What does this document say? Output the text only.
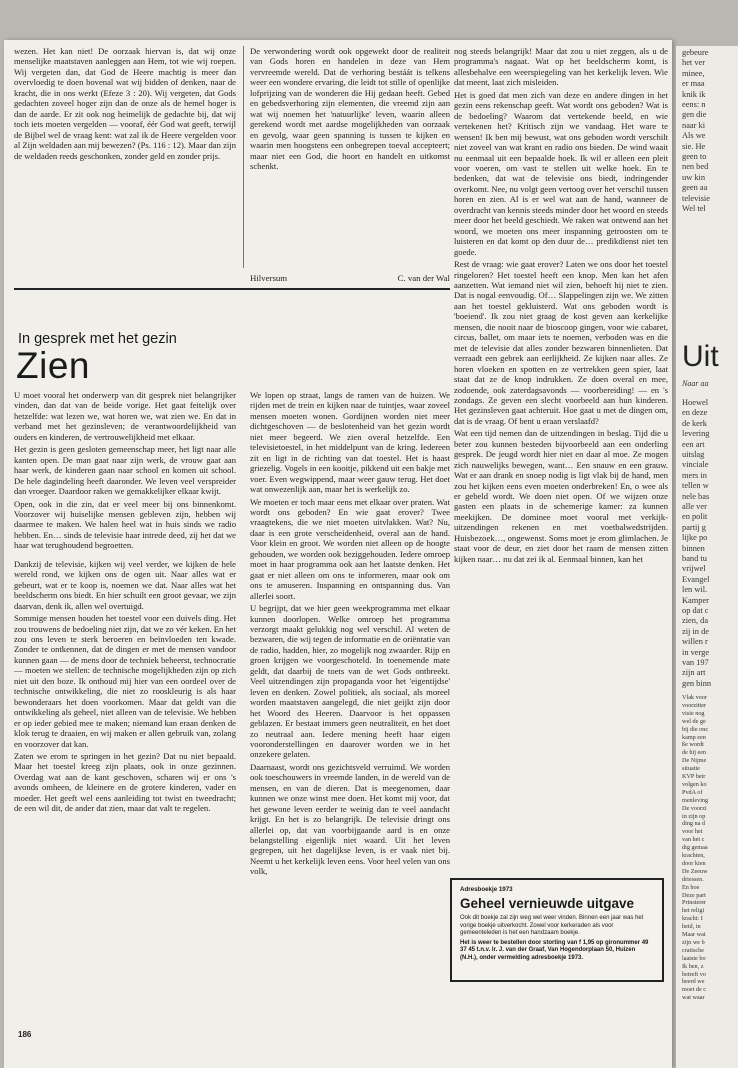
wezen. Het kan niet! De oorzaak hiervan is, dat wij onze menselijke maatstaven aanleggen aan Hem, tot wie wij roepen. Wij vergeten dan, dat God de Heere machtig is meer dan overvloedig te doen bovenal wat wij bidden of denken, naar de kracht, die in ons werkt (Efeze 3 : 20). Wij vergeten, dat Gods gedachten zoveel hoger zijn dan de onze als de hemel hoger is dan de aarde. Er zit ook nog heimelijk de gedachte bij, dat wij toch iets moeten vergelden — vooraf, éér God wat geeft, terwijl de Bijbel wel de vraag kent: wat zal ik de Heere vergelden voor al Zijn weldaden aan mij bewezen? (Ps. 116 : 12). Maar dan zijn de weldaden reeds geschonken, zonder geld en zonder prijs.

De verwondering wordt ook opgewekt door de realiteit van Gods horen en handelen in deze van Hem vervreemde wereld. Dat de verhoring bestáát is telkens weer een wondere ervaring, die leidt tot stille of openlijke lofprijzing van de wonderen die Hij gedaan heeft. Gebed en gebedsverhoring zijn elementen, die vreemd zijn aan wat wij noemen het 'natuurlijke' leven, waarin alleen gerekend wordt met aardse mogelijkheden van oorzaak en gevolg, waar geen spanning is tussen te kijken en waarin men hoogstens een onbegrepen toeval accepteert; maar niet een God, die hoort en handelt en uitkomst schenkt.

Hilversum	C. van der Wal

nog steeds belangrijk! Maar dat zou u niet zeggen, als u de programma's nagaat. Wat op het beeldscherm komt, is allesbehalve een weerspiegeling van het kerkelijk leven. Wie dat meent, laat zich misleiden.

Het is goed dat men zich van deze en andere dingen in het gezin eens rekenschap geeft. Wat wordt ons geboden? Wat is de bedoeling? Waarom dat vertekende beeld, en wie vertekenen het? Kritisch zijn we vandaag. Het ware te wensen! Ik ben mij bewust, wat ons geboden wordt verschilt niet zoveel van wat krant en radio ons bieden. De wind waait nu eenmaal uit een bepaalde hoek. Ik wil er alleen een pleit voor voeren, om vast te stellen uit welke hoek. En te bedenken, dat wat de televisie ons biedt, indringender overkomt. Nee, nu volgt geen vertoog over het verschil tussen horen en zien. Al is er wel wat aan de hand, wanneer de overdracht van kennis steeds minder door het woord en steeds meer door het beeld geschiedt. We raken wat ontwend aan het woord, we moeten ons meer inspanning getroosten om te luisteren en dat komt op den duur de… predikdienst niet ten goede.

Rest de vraag: wie gaat erover? Laten we ons door het toestel ringeloren? Het toestel heeft een knop. Men kan het afen aanzetten. Wat iemand niet wil zien, behoeft hij niet te zien. Dat is nogal eenvoudig. Of… Slappelingen zijn we. We zitten aan het toestel gekluisterd. Wat ons geboden wordt is 'boeiend'. Ik zou niet graag de kost geven aan kerkelijke mensen, die nooit naar de bioscoop gingen, voor wie cabaret, circus, ballet, om maar iets te noemen, verboden was en die met de televisie dat alles zonder bezwaren binnenlieten. Dat verraadt een gebrek aan eerlijkheid. Ze kijken naar alles. Ze horen vloeken en spotten en ze vertrekken geen spier, laat staat dat ze de knop indrukken. Ze doen overal en mee, zodoende, ook zaterdagsavonds — voorbereiding! — en 's zondags. Ze geven een slecht voorbeeld aan hun kinderen. Het gezinsleven gaat achteruit. Hoe gaat u met de dingen om, dat is de vraag. Of bent u eraan verslaafd?

Wat een tijd nemen dan de uitzendingen in beslag. Tijd die u beter zou kunnen besteden bijvoorbeeld aan een onderling gesprek. De jeugd wordt hier niet en daar al moe. Ze mogen zich nauwelijks bewegen, want… Een snauw en een grauw. Wat er aan drank en snoep nodig is ligt vlak bij de hand, men zou het kijken eens even moeten onderbreken! En, o wee als er gebeld wordt. We doen niet open. Of we wijzen onze gasten een plaats in de schemerige kamer: za kunnen meekijken. De dominee moet vooral met verkijk-uitzendingen rekenen en met voetbalwedstrijden. Huisbezoek…, ongewenst. Soms moet je erom glimlachen. Je staat voor de deur, en ziet door het raam de mensen zitten kijken naar… nu dat zei ik al. Eenmaal binnen, kan het

In gesprek met het gezin
Zien

U moet vooral het onderwerp van dit gesprek niet belangrijker vinden, dan dat van de beide vorige. Het gaat feitelijk over hetzelfde: wat lezen we, wat horen we, wat zien we. En dat in verband met het gezinsleven; de verantwoordelijkheid van ouders en kinderen, de vertrouwelijkheid met elkaar.

Het gezin is geen gesloten gemeenschap meer, het ligt naar alle kanten open. De man gaat naar zijn werk, de vrouw gaat aan haar werk, de kinderen gaan naar school en komen uit school. De hele dagindeling heeft daaronder. We leven veel verspreider dan vroeger. Daardoor raken we gemakkelijker elkaar kwijt.

Open, ook in die zin, dat er veel meer bij ons binnenkomt. Voorzover wij huiselijke mensen gebleven zijn, hebben wij daarmee te maken. We halen heel wat in huis sinds we radio hebben. En… sinds de televisie haar intrede deed, zij het dat we haar wat terughoudend begroetten.

Dankzij de televisie, kijken wij veel verder, we kijken de hele wereld rond, we kijken ons de ogen uit. Naar alles wat er gebeurt, wat er te koop is, noemen we dat. Naar alles wat het beeldscherm ons biedt. En hier schuilt een groot gevaar, we zijn daarvan, denk ik, allen wel overtuigd.

Sommige mensen houden het toestel voor een duivels ding. Het zou trouwens de bedoeling niet zijn, dat we zo vér keken. En het zou ons leven te sterk beroeren en beïnvloeden ten kwade. Zonder te ontkennen, dat de dingen er met de mensen vandoor kunnen gaan — de mens door de techniek beheerst, technocratie — moeten we stellen: de technische mogelijkheden zijn op zich niet uit den boze. Ik onthoud mij hier van een oordeel over de technische ontwikkeling, die niet zo rooskleurig is als haar bewonderaars het doen voorkomen. Maar dat geldt van die ontwikkeling als geheel, niet alleen van de televisie. We hebben er op ieder gebied mee te maken; niemand kan eraan denken de klok terug te draaien, en wij maken er allen gebruik van, zolang en voorzover dat kan.

Zaten we erom te springen in het gezin? Dat nu niet bepaald. Maar het toestel kreeg zijn plaats, ook in onze gezinnen. Overdag wat aan de kant geschoven, scharen wij er ons 's avonds omheen, de kleinere en de grotere kinderen, vader en moeder. Het geeft wel eens aanleiding tot twist en tweedracht; de een wil dit, de ander dat zien, maar dat valt te regelen.

We lopen op straat, langs de ramen van de huizen. We rijden met de trein en kijken naar de tuintjes, waar zoveel mensen moeten wonen. Gordijnen worden niet meer dichtgeschoven — de beslotenheid van het gezin wordt niet meer begeerd. We zien overal hetzelfde. Een televisietoestel, in het middelpunt van de kring. Iedereen zit en ligt in de richting van dat toestel. Het is haast griezelig. Vogels in een kooitje, pikkend uit een bakje met voer. Even wegwippend, maar weer gauw terug. Het doet wat onwezenlijk aan, maar het is werkelijk zo.

We moeten er toch maar eens met elkaar over praten. Wat wordt ons geboden? En wie gaat erover? Twee vraagtekens, die we niet moeten uitvlakken. Wat? Nu, daar is een grote verscheidenheid, overal aan de hand. Voor klein en groot. We worden niet alleen op de hoogte gehouden, we worden ook beziggehouden. Iedere omroep moet in haar programma ook aan het laatste denken. Het gaat er niet alleen om ons te informeren, maar ook om ons te amuseren. Inspanning en ontspanning dus. Van allerlei soort.

U begrijpt, dat we hier geen weekprogramma met elkaar kunnen doorlopen. Welke omroep het programma verzorgt maakt gelukkig nog wel verschil. Al weten de bezwaren, die wij tegen de informatie en de oriëntatie van de radio, hadden, hier, zo mogelijk nog zwaarder. Rijp en groen krijgen we voorgeschoteld. In toenemende mate geldt, dat daarbij de toets van de wet Gods ontbreekt. Veel uitzendingen zijn propaganda voor het 'eigentijdse' leven en denken. Zowel politiek, als sociaal, als moreel worden maatstaven aangelegd, die niet geijkt zijn door het Woord des Heeren. Daarvoor is het oppassen geblazen. Er bestaat immers geen neutraliteit, en het doet zo neutraal aan. Iedere mening heeft haar eigen vooronderstellingen en daarover worden we in het onzekere gelaten.

Daarnaast, wordt ons gezichtsveld verruimd. We worden ook toeschouwers in vreemde landen, in de wereld van de mensen, en van de dieren. Dat is meegenomen, daar kunnen we onze winst mee doen. Het komt mij voor, dat het gewone leven eerder te weinig dan te veel aandacht krijgt. En het is zo belangrijk. De televisie dringt ons allerlei op, dat van voorbijgaande aard is en onze belangstelling eigenlijk niet waard. Uit het leven gegrepen, uit het dagelijkse leven, is er vaak niet bij. Neemt u het kerkelijk leven eens. Voor heel velen van ons volk,

Adresboekje 1973
Geheel vernieuwde uitgave
Ook dit boekje zal zijn weg wel weer vinden. Binnen een jaar was het vorige boekje uitverkocht. Zowel voor kerkeraden als voor gemeenteleden is het een handzaam boekje.
Het is weer te bestellen door storting van f 1,95 op gironummer 49 37 45 t.n.v. Ir. J. van der Graaf, Van Hogendorplaan 50, Huizen (N.H.), onder vermelding adresboekje 1973.
186
gebeure
het ver
minee,
er maa
knik ik
eens: n
gen die
naar ki
Als we
sie. He
geen to
nen bed
uw kin
geen aa
televisie
Wel tel
Uit
Naar aa
Hoewel
en deze
de kerk
levering
een art
uitslag
vinciale
mers in
tellen w
nele bas
alle ver
en polit
partij g
lijke po
binnen
band tu
vrijwel
Evangel
len wil.
Kamper
op dat c
zien, da
zij in de
willen r
in verge
van 197
zijn art
gen binn
Vlak voor
voorzitter
visie nog
wel de ge
bij die onc
kamp een
ße wordt
de hij een
De Nijme
situatie
KVP betr
volgen ko
PvdA of
menleving
De voorzi
in zijn op
ding na d
voor het
van het c
dig gemaa
krachten,
door kien
De Zeeuw
driessen.
En hoe
Deze part
Prinsterer
het religi
kracht: I
heid, in
Maar wat
zijn we b
cratische
laatste bo
Ik ben, z
betreft vo
beerd we
moet de c
wat waar
